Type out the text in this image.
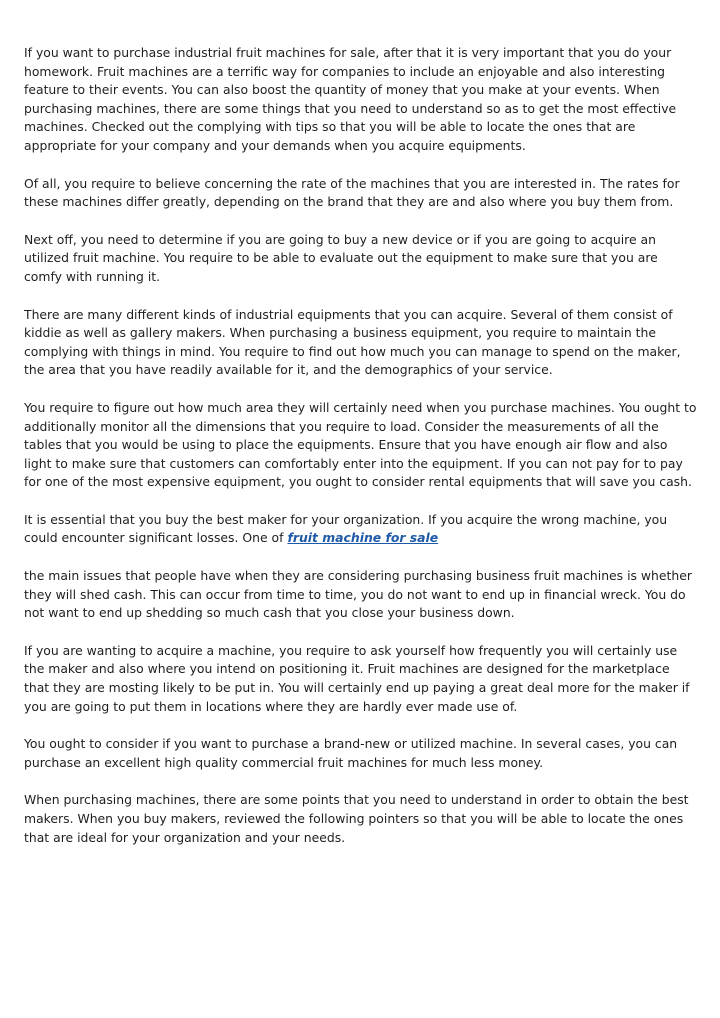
If you want to purchase industrial fruit machines for sale, after that it is very important that you do your homework. Fruit machines are a terrific way for companies to include an enjoyable and also interesting feature to their events. You can also boost the quantity of money that you make at your events. When purchasing machines, there are some things that you need to understand so as to get the most effective machines. Checked out the complying with tips so that you will be able to locate the ones that are appropriate for your company and your demands when you acquire equipments.

Of all, you require to believe concerning the rate of the machines that you are interested in. The rates for these machines differ greatly, depending on the brand that they are and also where you buy them from.

Next off, you need to determine if you are going to buy a new device or if you are going to acquire an utilized fruit machine. You require to be able to evaluate out the equipment to make sure that you are comfy with running it.

There are many different kinds of industrial equipments that you can acquire. Several of them consist of kiddie as well as gallery makers. When purchasing a business equipment, you require to maintain the complying with things in mind. You require to find out how much you can manage to spend on the maker, the area that you have readily available for it, and the demographics of your service.

You require to figure out how much area they will certainly need when you purchase machines. You ought to additionally monitor all the dimensions that you require to load. Consider the measurements of all the tables that you would be using to place the equipments. Ensure that you have enough air flow and also light to make sure that customers can comfortably enter into the equipment. If you can not pay for to pay for one of the most expensive equipment, you ought to consider rental equipments that will save you cash.

It is essential that you buy the best maker for your organization. If you acquire the wrong machine, you could encounter significant losses. One of fruit machine for sale

the main issues that people have when they are considering purchasing business fruit machines is whether they will shed cash. This can occur from time to time, you do not want to end up in financial wreck. You do not want to end up shedding so much cash that you close your business down.

If you are wanting to acquire a machine, you require to ask yourself how frequently you will certainly use the maker and also where you intend on positioning it. Fruit machines are designed for the marketplace that they are mosting likely to be put in. You will certainly end up paying a great deal more for the maker if you are going to put them in locations where they are hardly ever made use of.

You ought to consider if you want to purchase a brand-new or utilized machine. In several cases, you can purchase an excellent high quality commercial fruit machines for much less money.

When purchasing machines, there are some points that you need to understand in order to obtain the best makers. When you buy makers, reviewed the following pointers so that you will be able to locate the ones that are ideal for your organization and your needs.
